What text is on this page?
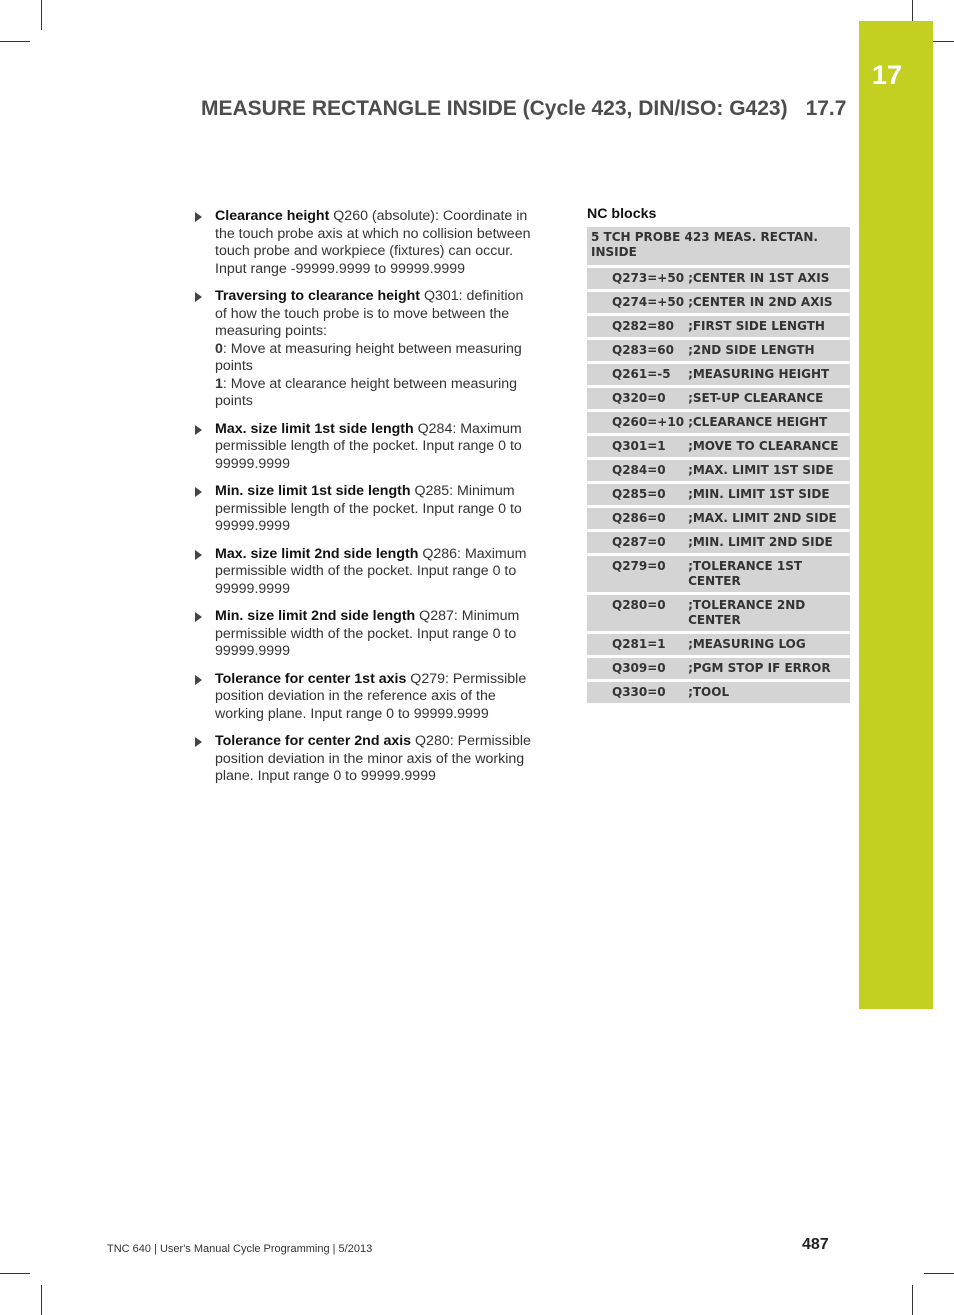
17
MEASURE RECTANGLE INSIDE (Cycle 423, DIN/ISO: G423) 17.7
Clearance height Q260 (absolute): Coordinate in
the touch probe axis at which no collision between
touch probe and workpiece (fixtures) can occur.
Input range -99999.9999 to 99999.9999
Traversing to clearance height Q301: definition
of how the touch probe is to move between the
measuring points:
0: Move at measuring height between measuring
points
1: Move at clearance height between measuring
points
Max. size limit 1st side length Q284: Maximum
permissible length of the pocket. Input range 0 to
99999.9999
Min. size limit 1st side length Q285: Minimum
permissible length of the pocket. Input range 0 to
99999.9999
Max. size limit 2nd side length Q286: Maximum
permissible width of the pocket. Input range 0 to
99999.9999
Min. size limit 2nd side length Q287: Minimum
permissible width of the pocket. Input range 0 to
99999.9999
Tolerance for center 1st axis Q279: Permissible
position deviation in the reference axis of the
working plane. Input range 0 to 99999.9999
Tolerance for center 2nd axis Q280: Permissible
position deviation in the minor axis of the working
plane. Input range 0 to 99999.9999
NC blocks
5 TCH PROBE 423 MEAS. RECTAN.
INSIDE	

Q273=+50	;CENTER IN 1ST AXIS

Q274=+50	;CENTER IN 2ND AXIS

Q282=80	;FIRST SIDE LENGTH

Q283=60	;2ND SIDE LENGTH

Q261=-5	;MEASURING HEIGHT

Q320=0	;SET-UP CLEARANCE

Q260=+10	;CLEARANCE HEIGHT

Q301=1	;MOVE TO CLEARANCE

Q284=0	;MAX. LIMIT 1ST SIDE

Q285=0	;MIN. LIMIT 1ST SIDE

Q286=0	;MAX. LIMIT 2ND SIDE

Q287=0	;MIN. LIMIT 2ND SIDE

Q279=0	;TOLERANCE 1ST
CENTER

Q280=0	;TOLERANCE 2ND
CENTER

Q281=1	;MEASURING LOG

Q309=0	;PGM STOP IF ERROR

Q330=0	;TOOL
TNC 640 | User's Manual Cycle Programming | 5/2013	487
